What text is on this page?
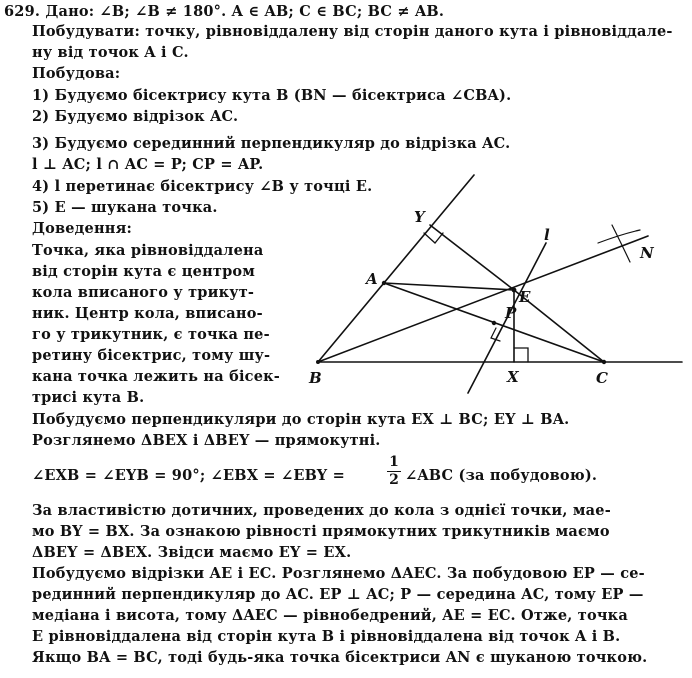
629. Дано: ∠B; ∠B ≠ 180°. A ∈ AB; C ∈ BC; BC ≠ AB.
Побудувати: точку, рівновіддалену від сторін даного кута і рівновіддале-
ну від точок A і C.
Побудова:
1) Будуємо бісектрису кута B (BN — бісектриса ∠CBA).
2) Будуємо відрізок AC.
3) Будуємо серединний перпендикуляр до відрізка AC.
l ⊥ AC; l ∩ AC = P; CP = AP.
4) l перетинає бісектрису ∠B у точці E.
5) E — шукана точка.
Доведення:
Точка, яка рівновіддалена
від сторін кута є центром
кола вписаного у трикут-
ник. Центр кола, вписано-
го у трикутник, є точка пе-
ретину бісектрис, тому шу-
кана точка лежить на бісек-
трисі кута B.
Y
l
N
A
E
P
B	X	C
Побудуємо перпендикуляри до сторін кута EX ⊥ BC; EY ⊥ BA.
Розглянемо ΔBEX і ΔBEY — прямокутні.
∠EXB = ∠EYB = 90°; ∠EBX = ∠EBY =
1
2 ∠ABC (за побудовою).
За властивістю дотичних, проведених до кола з однієї точки, мае-
мо BY = BX. За ознакою рівності прямокутних трикутників маємо
ΔBEY = ΔBEX. Звідси маємо EY = EX.
Побудуємо відрізки AE і EC. Розглянемо ΔAEC. За побудовою EP — се-
рединний перпендикуляр до AC. EP ⊥ AC; P — середина AC, тому EP —
медіана і висота, тому ΔAEC — рівнобедрений, AE = EC. Отже, точка
E рівновіддалена від сторін кута B і рівновіддалена від точок A і B.
Якщо BA = BC, тоді будь-яка точка бісектриси AN є шуканою точкою.
